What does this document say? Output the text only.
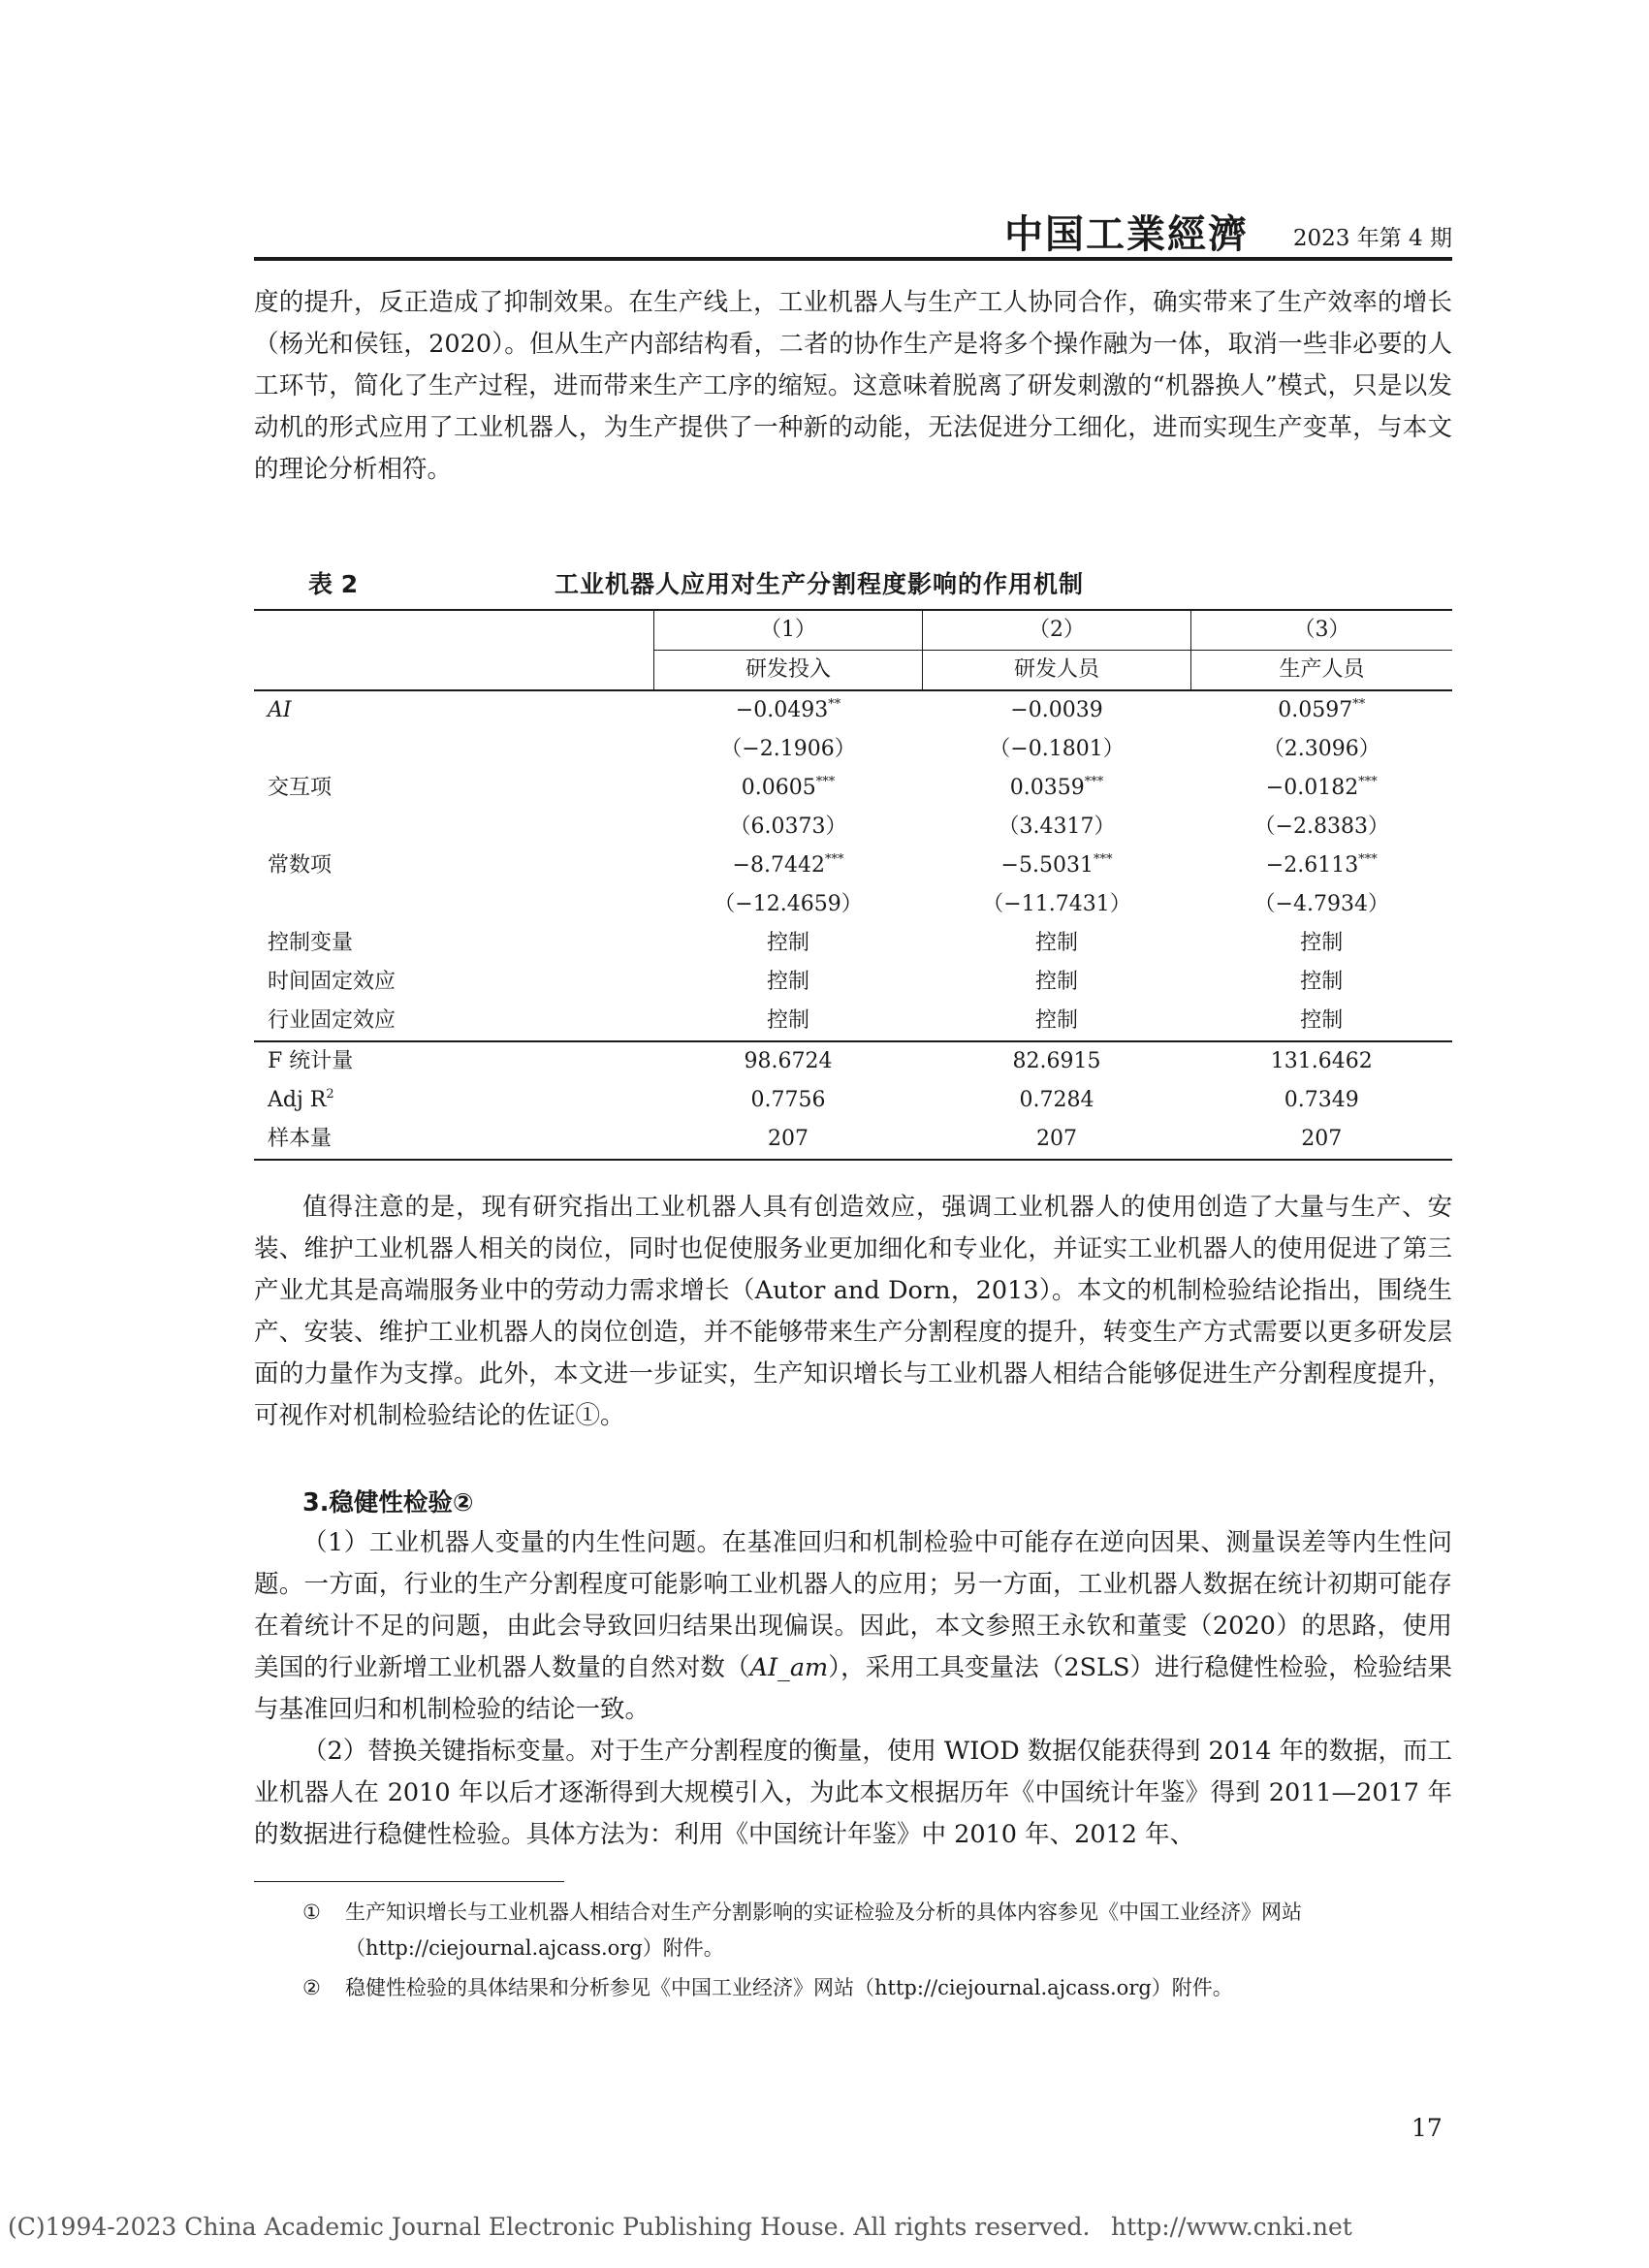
中国工業經濟 2023 年第 4 期

度的提升，反正造成了抑制效果。在生产线上，工业机器人与生产工人协同合作，确实带来了生产效率的增长（杨光和侯钰，2020）。但从生产内部结构看，二者的协作生产是将多个操作融为一体，取消一些非必要的人工环节，简化了生产过程，进而带来生产工序的缩短。这意味着脱离了研发刺激的“机器换人”模式，只是以发动机的形式应用了工业机器人，为生产提供了一种新的动能，无法促进分工细化，进而实现生产变革，与本文的理论分析相符。

表 2	工业机器人应用对生产分割程度影响的作用机制
	（1）	（2）	（3）
	研发投入	研发人员	生产人员
AI	−0.0493**	−0.0039	0.0597**
	（−2.1906）	（−0.1801）	（2.3096）
交互项	0.0605***	0.0359***	−0.0182***
	（6.0373）	（3.4317）	（−2.8383）
常数项	−8.7442***	−5.5031***	−2.6113***
	（−12.4659）	（−11.7431）	（−4.7934）
控制变量	控制	控制	控制
时间固定效应	控制	控制	控制
行业固定效应	控制	控制	控制
F 统计量	98.6724	82.6915	131.6462
Adj $R^2$	0.7756	0.7284	0.7349
样本量	207	207	207

值得注意的是，现有研究指出工业机器人具有创造效应，强调工业机器人的使用创造了大量与生产、安装、维护工业机器人相关的岗位，同时也促使服务业更加细化和专业化，并证实工业机器人的使用促进了第三产业尤其是高端服务业中的劳动力需求增长（Autor and Dorn，2013）。本文的机制检验结论指出，围绕生产、安装、维护工业机器人的岗位创造，并不能够带来生产分割程度的提升，转变生产方式需要以更多研发层面的力量作为支撑。此外，本文进一步证实，生产知识增长与工业机器人相结合能够促进生产分割程度提升，可视作对机制检验结论的佐证①。

3.稳健性检验②

（1）工业机器人变量的内生性问题。在基准回归和机制检验中可能存在逆向因果、测量误差等内生性问题。一方面，行业的生产分割程度可能影响工业机器人的应用；另一方面，工业机器人数据在统计初期可能存在着统计不足的问题，由此会导致回归结果出现偏误。因此，本文参照王永钦和董雯（2020）的思路，使用美国的行业新增工业机器人数量的自然对数（AI_am），采用工具变量法（2SLS）进行稳健性检验，检验结果与基准回归和机制检验的结论一致。

（2）替换关键指标变量。对于生产分割程度的衡量，使用 WIOD 数据仅能获得到 2014 年的数据，而工业机器人在 2010 年以后才逐渐得到大规模引入，为此本文根据历年《中国统计年鉴》得到 2011—2017 年的数据进行稳健性检验。具体方法为：利用《中国统计年鉴》中 2010 年、2012 年、

①	生产知识增长与工业机器人相结合对生产分割影响的实证检验及分析的具体内容参见《中国工业经济》网站（http://ciejournal.ajcass.org）附件。
②	稳健性检验的具体结果和分析参见《中国工业经济》网站（http://ciejournal.ajcass.org）附件。
17
(C)1994-2023 China Academic Journal Electronic Publishing House. All rights reserved. http://www.cnki.net
